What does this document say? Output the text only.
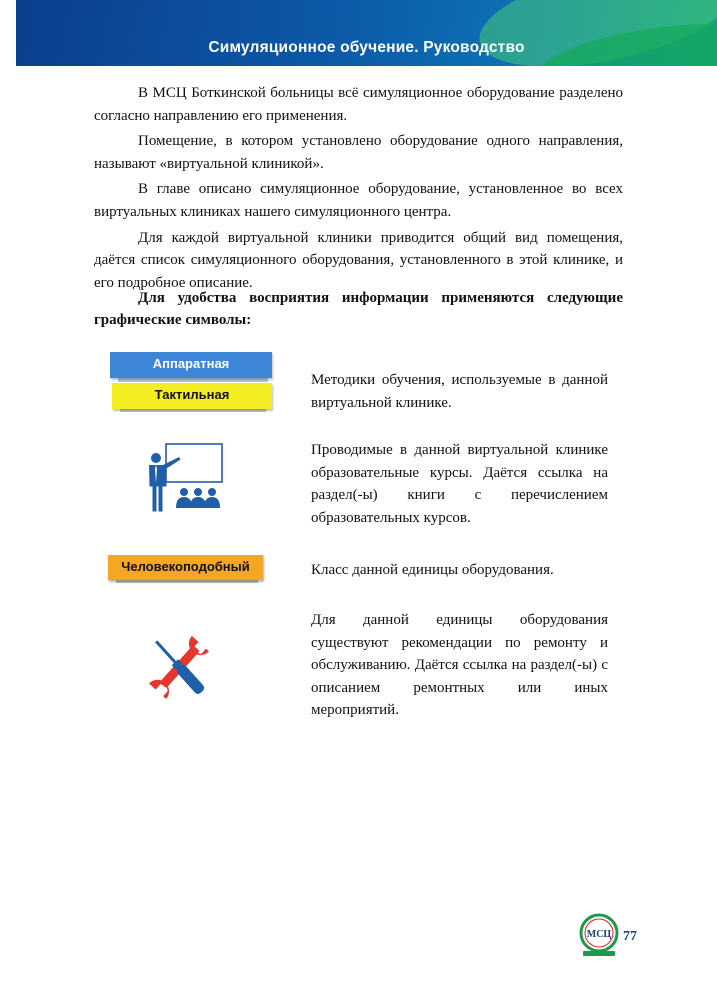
Симуляционное обучение. Руководство

В МСЦ Боткинской больницы всё симуляционное оборудование разделено согласно направлению его применения.

Помещение, в котором установлено оборудование одного направления, называют «виртуальной клиникой».

В главе описано симуляционное оборудование, установленное во всех виртуальных клиниках нашего симуляционного центра.

Для каждой виртуальной клиники приводится общий вид помещения, даётся список симуляционного оборудования, установленного в этой клинике, и его подробное описание.

Для удобства восприятия информации применяются следующие графические символы:
Аппаратная
Тактильная
Методики обучения, используемые в данной виртуальной клинике.
Проводимые в данной виртуальной клинике образовательные курсы. Даётся ссылка на раздел(-ы) книги с перечислением образовательных курсов.
Человекоподобный	Класс данной единицы оборудования.
Для данной единицы оборудования существуют рекомендации по ремонту и обслуживанию. Даётся ссылка на раздел(-ы) с описанием ремонтных или иных мероприятий.
МСЦ 77
